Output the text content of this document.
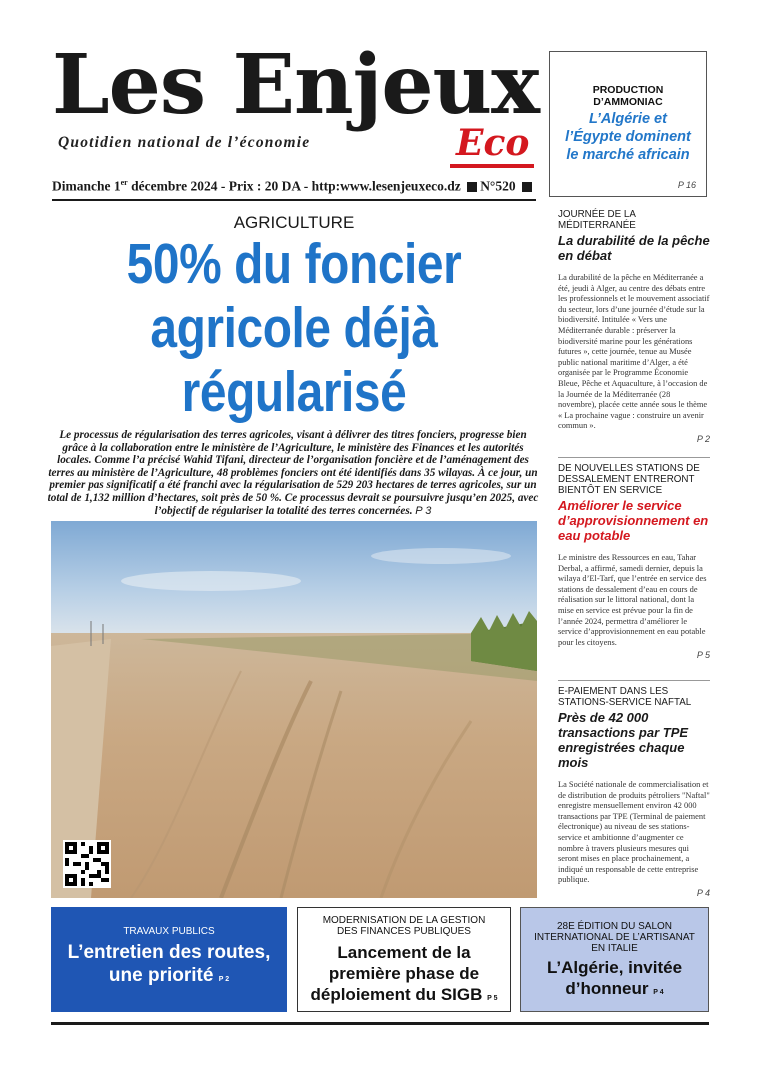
Les Enjeux
Quotidien national de l’économie	Eco
Dimanche 1er décembre 2024 - Prix : 20 DA - http:www.lesenjeuxeco.dz N°520
PRODUCTION D’AMMONIAC
L’Algérie et l’Égypte dominent le marché africain
P 16
AGRICULTURE
50% du foncier
agricole déjà
régularisé
Le processus de régularisation des terres agricoles, visant à délivrer des titres fonciers, progresse bien grâce à la collaboration entre le ministère de l’Agriculture, le ministère des Finances et les autorités locales. Comme l’a précisé Wahid Tifani, directeur de l’organisation foncière et de l’aménagement des terres au ministère de l’Agriculture, 48 problèmes fonciers ont été identifiés dans 35 wilayas. À ce jour, un premier pas significatif a été franchi avec la régularisation de 529 203 hectares de terres agricoles, sur un total de 1,132 million d’hectares, soit près de 50 %. Ce processus devrait se poursuivre jusqu’en 2025, avec l’objectif de régulariser la totalité des terres concernées. P 3
JOURNÉE DE LA MÉDITERRANÉE
La durabilité de la pêche en débat
La durabilité de la pêche en Méditerranée a été, jeudi à Alger, au centre des débats entre les professionnels et le mouvement associatif du secteur, lors d’une journée d’étude sur la biodiversité. Intitulée « Vers une Méditerranée durable : préserver la biodiversité marine pour les générations futures », cette journée, tenue au Musée public national maritime d’Alger, a été organisée par le Programme Économie Bleue, Pêche et Aquaculture, à l’occasion de la Journée de la Méditerranée (28 novembre), placée cette année sous le thème « La prochaine vague : construire un avenir commun ».
P 2
DE NOUVELLES STATIONS DE DESSALEMENT ENTRERONT BIENTÔT EN SERVICE
Améliorer le service d’approvisionnement en eau potable
Le ministre des Ressources en eau, Tahar Derbal, a affirmé, samedi dernier, depuis la wilaya d’El-Tarf, que l’entrée en service des stations de dessalement d’eau en cours de réalisation sur le littoral national, dont la mise en service est prévue pour la fin de l’année 2024, permettra d’améliorer le service d’approvisionnement en eau potable pour les citoyens.
P 5
E-PAIEMENT DANS LES STATIONS-SERVICE NAFTAL
Près de 42 000 transactions par TPE enregistrées chaque mois
La Société nationale de commercialisation et de distribution de produits pétroliers "Naftal" enregistre mensuellement environ 42 000 transactions par TPE (Terminal de paiement électronique) au niveau de ses stations-service et ambitionne d’augmenter ce nombre à travers plusieurs mesures qui seront mises en place prochainement, a indiqué un responsable de cette entreprise publique.
P 4
TRAVAUX PUBLICS
L’entretien des routes, une priorité P 2
MODERNISATION DE LA GESTION DES FINANCES PUBLIQUES
Lancement de la première phase de déploiement du SIGB P 5
28E ÉDITION DU SALON INTERNATIONAL DE L’ARTISANAT EN ITALIE
L’Algérie, invitée d’honneur P 4
